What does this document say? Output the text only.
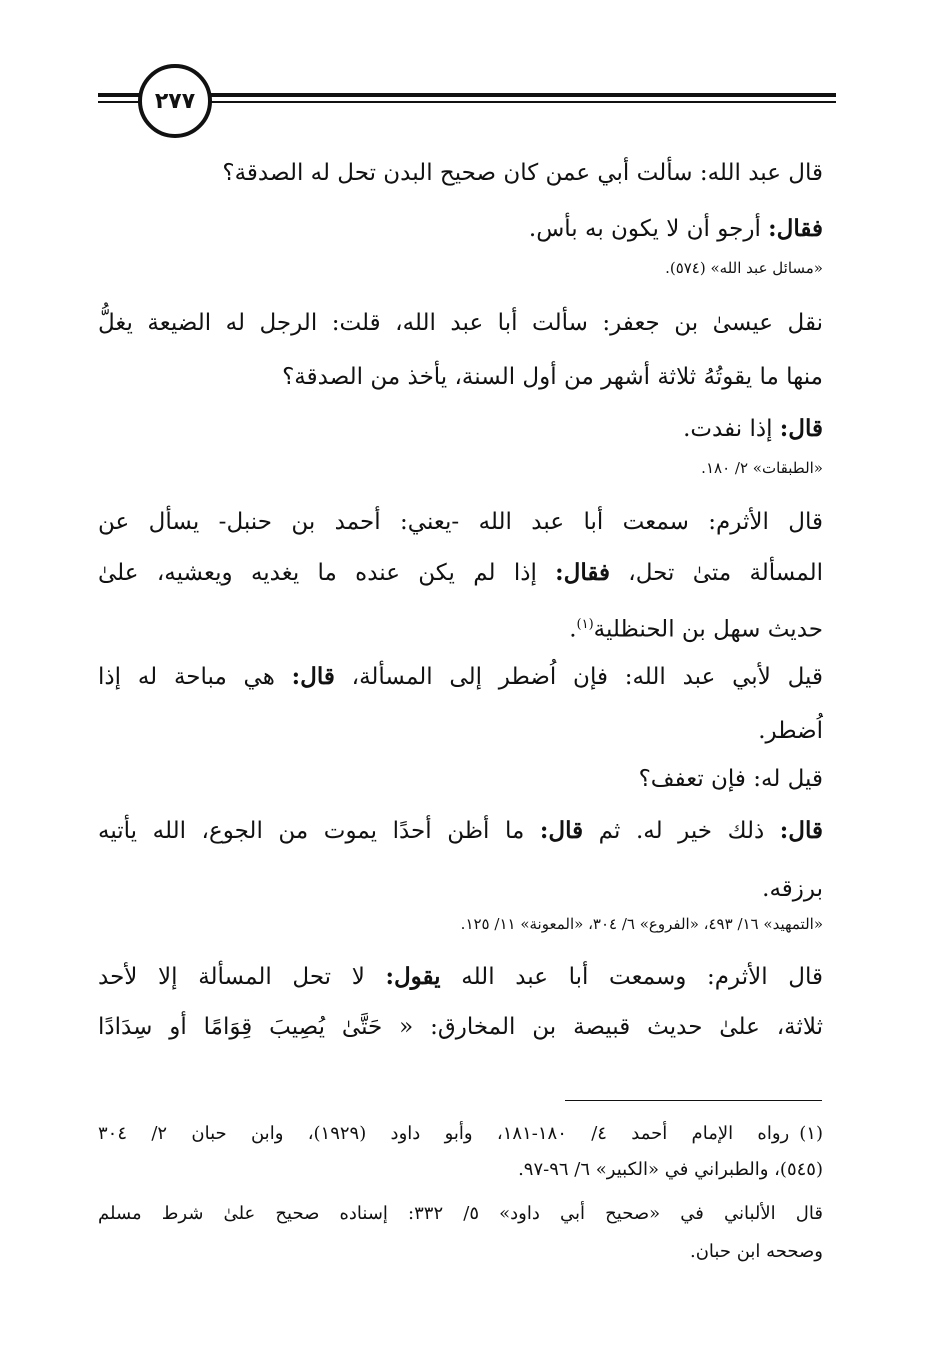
٢٧٧
قال عبد الله: سألت أبي عمن كان صحيح البدن تحل له الصدقة؟
فقال: أرجو أن لا يكون به بأس.
«مسائل عبد الله» (٥٧٤).
نقل عيسىٰ بن جعفر: سألت أبا عبد الله، قلت: الرجل له الضيعة يغلُّ
منها ما يقوتُهُ ثلاثة أشهر من أول السنة، يأخذ من الصدقة؟
قال: إذا نفدت.
«الطبقات» ٢/ ١٨٠.
قال الأثرم: سمعت أبا عبد الله -يعني: أحمد بن حنبل- يسأل عن
المسألة متىٰ تحل، فقال: إذا لم يكن عنده ما يغديه ويعشيه، علىٰ
حديث سهل بن الحنظلية$^{(١)}$.
قيل لأبي عبد الله: فإن اُضطر إلى المسألة، قال: هي مباحة له إذا
اُضطر.
قيل له: فإن تعفف؟
قال: ذلك خير له. ثم قال: ما أظن أحدًا يموت من الجوع، الله يأتيه
برزقه.
«التمهيد» ١٦/ ٤٩٣، «الفروع» ٦/ ٣٠٤، «المعونة» ١١/ ١٢٥.
قال الأثرم: وسمعت أبا عبد الله يقول: لا تحل المسألة إلا لأحد
ثلاثة، علىٰ حديث قبيصة بن المخارق: « حَتَّىٰ يُصِيبَ قِوَامًا أو سِدَادًا
(١)رواه الإمام أحمد ٤/ ١٨٠-١٨١، وأبو داود (١٩٢٩)، وابن حبان ٢/ ٣٠٤
(٥٤٥)، والطبراني في «الكبير» ٦/ ٩٦-٩٧.
قال الألباني في «صحيح أبي داود» ٥/ ٣٣٢: إسناده صحيح علىٰ شرط مسلم
وصححه ابن حبان.
